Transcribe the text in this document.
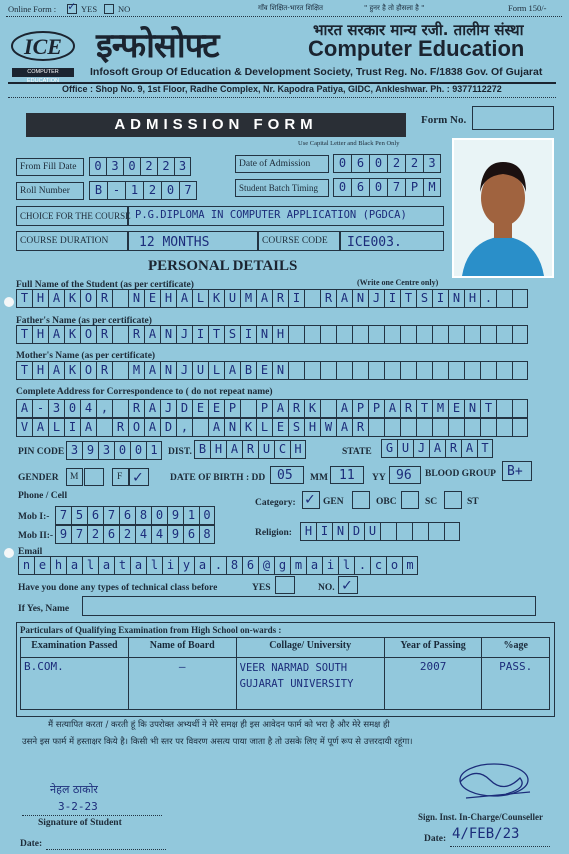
Online Form : ✓ YES NO	गाँव शिक्षित-भारत शिक्षित	" हुनर है तो हौसला है "	Form 150/-
ICE
COMPUTER EDUCATION
इन्फोसोफ्ट	भारत सरकार मान्य रजी. तालीम संस्था
Computer Education
Infosoft Group Of Education & Development Society, Trust Reg. No. F/1838 Gov. Of Gujarat
Office : Shop No. 9, 1st Floor, Radhe Complex, Nr. Kapodra Patiya, GIDC, Ankleshwar. Ph. : 9377112272
ADMISSION FORM	Form No.
Use Capital Letter and Black Pen Only
From Fill Date	0 3 0 2 2 3	Date of Admission	0 6 0 2 2 3
Roll Number	B - 1 2 0 7	Student Batch Timing	0 6 0 7 P M
CHOICE FOR THE COURSE P.G.DIPLOMA IN COMPUTER APPLICATION (PGDCA)
COURSE DURATION 12 MONTHS	COURSE CODE ICE003.
PERSONAL DETAILS
Full Name of the Student (as per certificate)	(Write one Centre only)
T H A K O R	N E H A L K U M A R I	R A N J I T S I N H .
Father's Name (as per certificate)
T H A K O R	R A N J I T S I N H
Mother's Name (as per certificate)
T H A K O R	M A N J U L A B E N
Complete Address for Correspondence to ( do not repeat name)
A - 3 0 4 ,	R A J D E E P	P A R K	A P P A R T M E N T
V A L I A	R O A D ,	A N K L E S H W A R
PIN CODE 3 9 3 0 0 1	DIST. B H A R U C H	STATE	G U J A R A T
GENDER M	F ✓	DATE OF BIRTH : DD 05 MM 11 YY 96 BLOOD GROUP B+
Phone / Cell
Mob I:- 7 5 6 7 6 8 0 9 1 0
Mob II:- 9 7 2 6 2 4 4 9 6 8
Category: ✓ GEN	OBC	SC	ST
Religion:	H I N D U
Email
n e h a l a t a l i y a . 8 6 @ g m a i l . c o m
Have you done any types of technical class before	YES	NO. ✓
If Yes, Name
Particulars of Qualifying Examination from High School on-wards :
Examination Passed	Name of Board	Collage/ University	Year of Passing	%age
B.COM.	—	VEER NARMAD SOUTH GUJARAT UNIVERSITY	2007	PASS.
मैं सत्यापित करता / करती हूं कि उपरोक्त अभ्यर्थी ने मेरे समक्ष ही इस आवेदन फार्म को भरा है और मेरे समक्ष ही
उसने इस फार्म में हस्ताक्षर किये है। किसी भी स्तर पर विवरण असत्य पाया जाता है तो उसके लिए में पूर्ण रूप से उत्तरदायी रहूंगा।
नेहल ठाकोर
3-2-23
Signature of Student
Date:
Sign. Inst. In-Charge/Counseller
Date: 4/FEB/23
